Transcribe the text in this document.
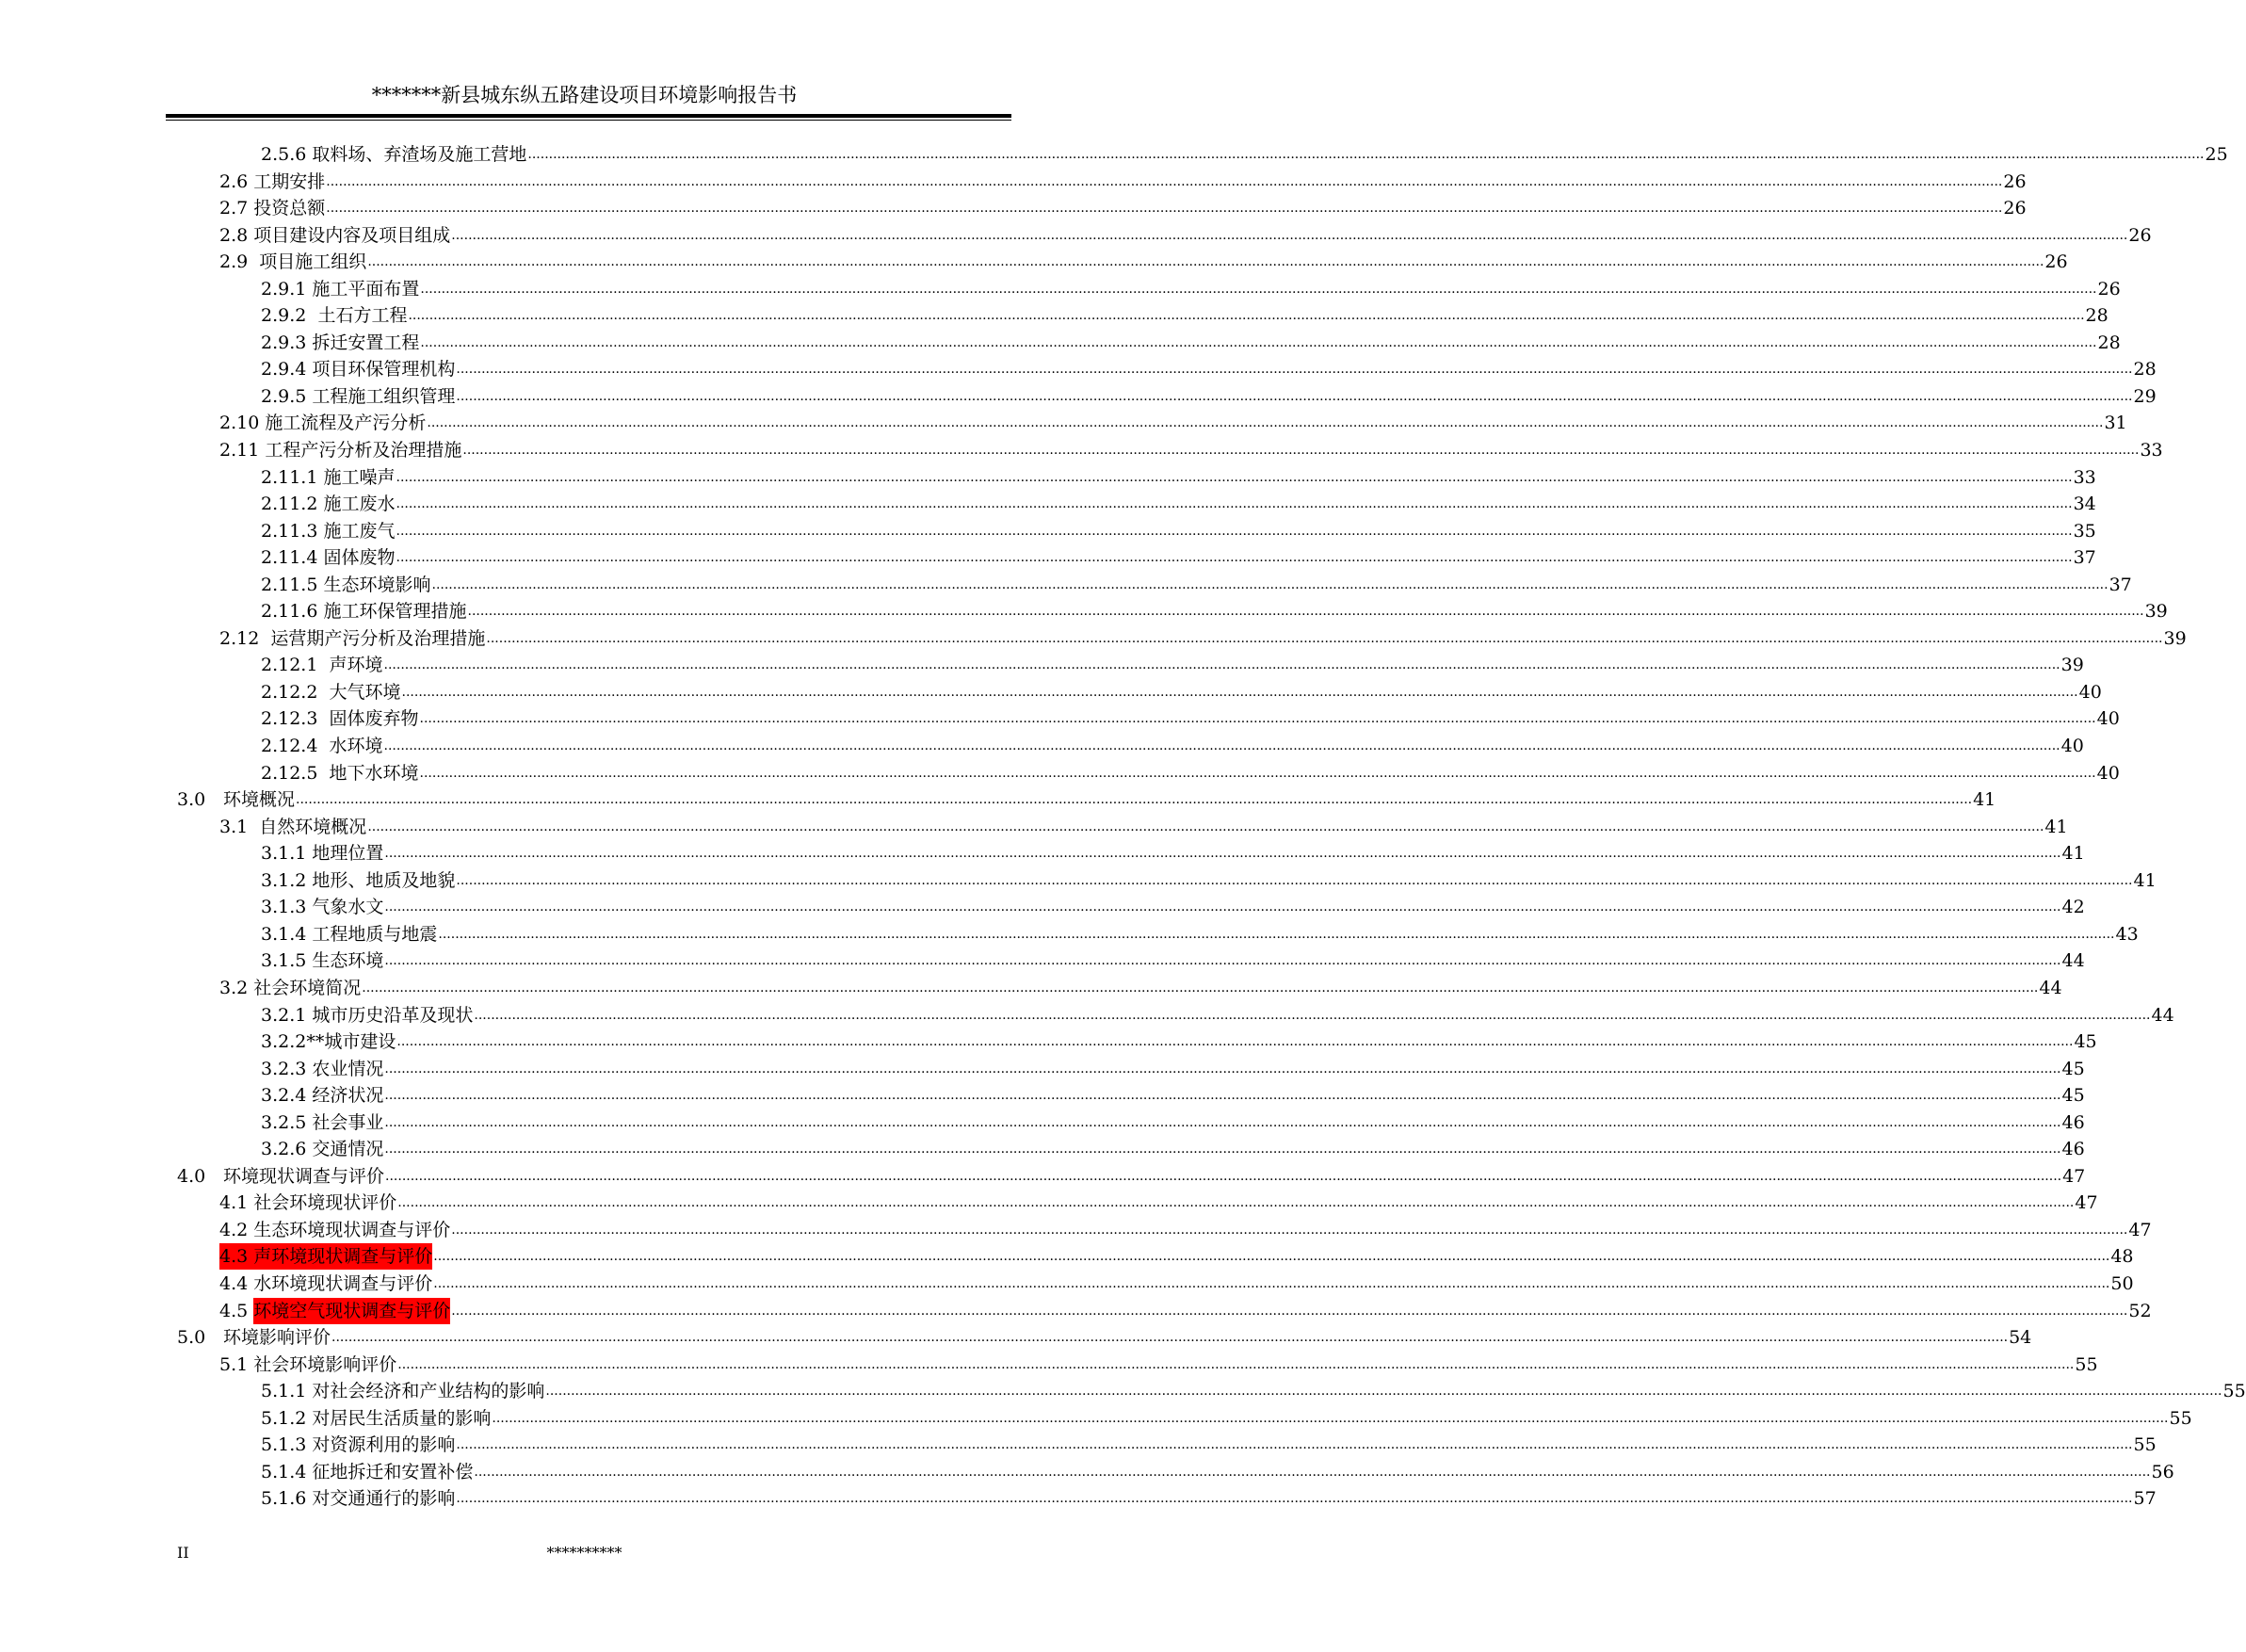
*******新县城东纵五路建设项目环境影响报告书
2.5.6 取料场、弃渣场及施工营地 ................................................................................................................................................................................................................................................................................................................................................................................................................ 25
2.6 工期安排 ................................................................................................................................................................................................................................................................................................................................................................................................................ 26
2.7 投资总额 ................................................................................................................................................................................................................................................................................................................................................................................................................ 26
2.8 项目建设内容及项目组成 ................................................................................................................................................................................................................................................................................................................................................................................................................ 26
2.9 项目施工组织 ................................................................................................................................................................................................................................................................................................................................................................................................................ 26
2.9.1 施工平面布置 ................................................................................................................................................................................................................................................................................................................................................................................................................ 26
2.9.2 土石方工程 ................................................................................................................................................................................................................................................................................................................................................................................................................ 28
2.9.3 拆迁安置工程 ................................................................................................................................................................................................................................................................................................................................................................................................................ 28
2.9.4 项目环保管理机构 ................................................................................................................................................................................................................................................................................................................................................................................................................ 28
2.9.5 工程施工组织管理 ................................................................................................................................................................................................................................................................................................................................................................................................................ 29
2.10 施工流程及产污分析 ................................................................................................................................................................................................................................................................................................................................................................................................................ 31
2.11 工程产污分析及治理措施 ................................................................................................................................................................................................................................................................................................................................................................................................................ 33
2.11.1 施工噪声 ................................................................................................................................................................................................................................................................................................................................................................................................................ 33
2.11.2 施工废水 ................................................................................................................................................................................................................................................................................................................................................................................................................ 34
2.11.3 施工废气 ................................................................................................................................................................................................................................................................................................................................................................................................................ 35
2.11.4 固体废物 ................................................................................................................................................................................................................................................................................................................................................................................................................ 37
2.11.5 生态环境影响 ................................................................................................................................................................................................................................................................................................................................................................................................................ 37
2.11.6 施工环保管理措施 ................................................................................................................................................................................................................................................................................................................................................................................................................ 39
2.12 运营期产污分析及治理措施 ................................................................................................................................................................................................................................................................................................................................................................................................................ 39
2.12.1 声环境 ................................................................................................................................................................................................................................................................................................................................................................................................................ 39
2.12.2 大气环境 ................................................................................................................................................................................................................................................................................................................................................................................................................ 40
2.12.3 固体废弃物 ................................................................................................................................................................................................................................................................................................................................................................................................................ 40
2.12.4 水环境 ................................................................................................................................................................................................................................................................................................................................................................................................................ 40
2.12.5 地下水环境 ................................................................................................................................................................................................................................................................................................................................................................................................................ 40
3.0 环境概况 ................................................................................................................................................................................................................................................................................................................................................................................................................ 41
3.1 自然环境概况 ................................................................................................................................................................................................................................................................................................................................................................................................................ 41
3.1.1 地理位置 ................................................................................................................................................................................................................................................................................................................................................................................................................ 41
3.1.2 地形、地质及地貌 ................................................................................................................................................................................................................................................................................................................................................................................................................ 41
3.1.3 气象水文 ................................................................................................................................................................................................................................................................................................................................................................................................................ 42
3.1.4 工程地质与地震 ................................................................................................................................................................................................................................................................................................................................................................................................................ 43
3.1.5 生态环境 ................................................................................................................................................................................................................................................................................................................................................................................................................ 44
3.2 社会环境简况 ................................................................................................................................................................................................................................................................................................................................................................................................................ 44
3.2.1 城市历史沿革及现状 ................................................................................................................................................................................................................................................................................................................................................................................................................ 44
3.2.2 **城市建设 ................................................................................................................................................................................................................................................................................................................................................................................................................ 45
3.2.3 农业情况 ................................................................................................................................................................................................................................................................................................................................................................................................................ 45
3.2.4 经济状况 ................................................................................................................................................................................................................................................................................................................................................................................................................ 45
3.2.5 社会事业 ................................................................................................................................................................................................................................................................................................................................................................................................................ 46
3.2.6 交通情况 ................................................................................................................................................................................................................................................................................................................................................................................................................ 46
4.0 环境现状调查与评价 ................................................................................................................................................................................................................................................................................................................................................................................................................ 47
4.1 社会环境现状评价 ................................................................................................................................................................................................................................................................................................................................................................................................................ 47
4.2 生态环境现状调查与评价 ................................................................................................................................................................................................................................................................................................................................................................................................................ 47
4.3 声环境现状调查与评价 ................................................................................................................................................................................................................................................................................................................................................................................................................ 48
4.4 水环境现状调查与评价 ................................................................................................................................................................................................................................................................................................................................................................................................................ 50
4.5 环境空气现状调查与评价 ................................................................................................................................................................................................................................................................................................................................................................................................................ 52
5.0 环境影响评价 ................................................................................................................................................................................................................................................................................................................................................................................................................ 54
5.1 社会环境影响评价 ................................................................................................................................................................................................................................................................................................................................................................................................................ 55
5.1.1 对社会经济和产业结构的影响 ................................................................................................................................................................................................................................................................................................................................................................................................................ 55
5.1.2 对居民生活质量的影响 ................................................................................................................................................................................................................................................................................................................................................................................................................ 55
5.1.3 对资源利用的影响 ................................................................................................................................................................................................................................................................................................................................................................................................................ 55
5.1.4 征地拆迁和安置补偿 ................................................................................................................................................................................................................................................................................................................................................................................................................ 56
5.1.6 对交通通行的影响 ................................................................................................................................................................................................................................................................................................................................................................................................................ 57
II	**********
